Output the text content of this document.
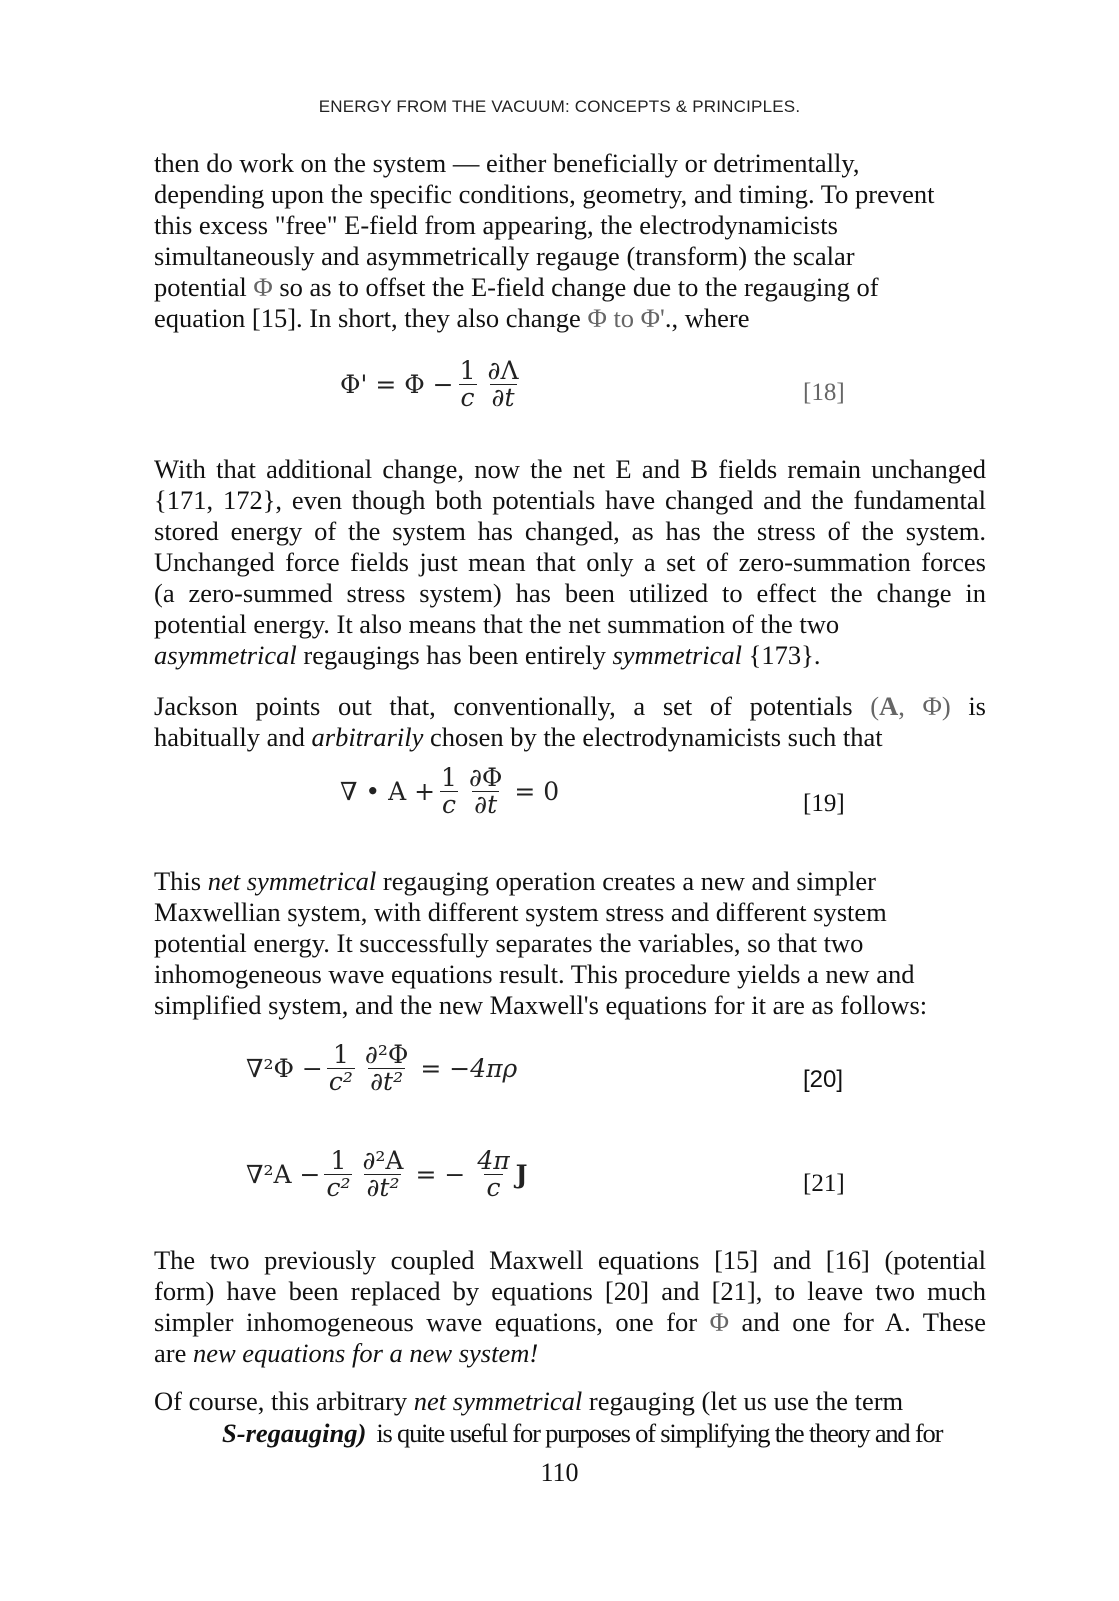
ENERGY FROM THE VACUUM: CONCEPTS & PRINCIPLES.
then do work on the system — either beneficially or detrimentally,
depending upon the specific conditions, geometry, and timing. To prevent
this excess "free" E-field from appearing, the electrodynamicists
simultaneously and asymmetrically regauge (transform) the scalar
potential Φ so as to offset the E-field change due to the regauging of
equation [15]. In short, they also change Φ to Φ'., where
$\Phi' = \Phi - \frac{1}{c} \frac{\partial\Lambda}{\partial t}$	[18]
With that additional change, now the net E and B fields remain unchanged
{171, 172}, even though both potentials have changed and the fundamental
stored energy of the system has changed, as has the stress of the system.
Unchanged force fields just mean that only a set of zero-summation forces
(a zero-summed stress system) has been utilized to effect the change in
potential energy. It also means that the net summation of the two
asymmetrical regaugings has been entirely symmetrical {173}.
Jackson points out that, conventionally, a set of potentials (A, Φ) is
habitually and arbitrarily chosen by the electrodynamicists such that
∇ • $A + \frac{1}{c} \frac{\partial\Phi}{\partial t} = 0$	[19]
This net symmetrical regauging operation creates a new and simpler
Maxwellian system, with different system stress and different system
potential energy. It successfully separates the variables, so that two
inhomogeneous wave equations result. This procedure yields a new and
simplified system, and the new Maxwell's equations for it are as follows:
$\nabla^2\Phi - \frac{1}{\text{c²}} \frac{\text{∂²Φ}}{\text{∂t²}} = -4\pi\rho$	[20]
$\nabla^2A - \frac{1}{\text{c²}} \frac{\text{∂²A}}{\text{∂t²}}$ = − $\frac{4\pi}{c}$ J	[21]
The two previously coupled Maxwell equations [15] and [16] (potential
form) have been replaced by equations [20] and [21], to leave two much
simpler inhomogeneous wave equations, one for Φ and one for A. These
are new equations for a new system!
Of course, this arbitrary net symmetrical regauging (let us use the term
S-regauging) is quite useful for purposes of simplifying the theory and for
110
